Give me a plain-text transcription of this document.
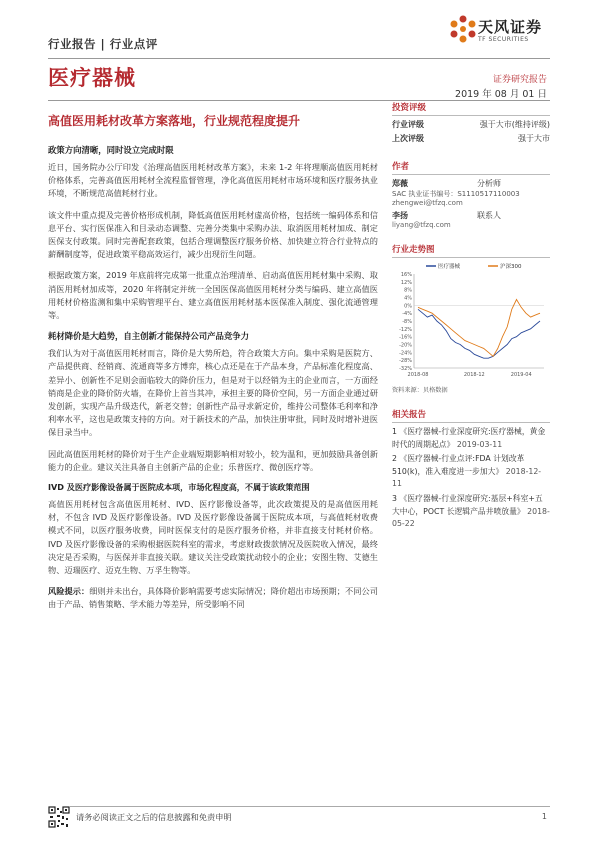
行业报告 | 行业点评
天风证券
TF SECURITIES
医疗器械	证券研究报告
2019 年 08 月 01 日
高值医用耗材改革方案落地，行业规范程度提升
政策方向清晰，同时设立完成时限
近日，国务院办公厅印发《治理高值医用耗材改革方案》，未来 1-2 年将理顺高值医用耗材价格体系，完善高值医用耗材全流程监督管理，净化高值医用耗材市场环境和医疗服务执业环境，不断规范高值耗材行业。
该文件中重点提及完善价格形成机制，降低高值医用耗材虚高价格，包括统一编码体系和信息平台、实行医保准入和目录动态调整、完善分类集中采购办法、取消医用耗材加成、制定医保支付政策。同时完善配套政策，包括合理调整医疗服务价格、加快建立符合行业特点的薪酬制度等，促进政策平稳高效运行，减少出现衍生问题。
根据政策方案，2019 年底前将完成第一批重点治理清单、启动高值医用耗材集中采购、取消医用耗材加成等，2020 年将制定并统一全国医保高值医用耗材分类与编码、建立高值医用耗材价格监测和集中采购管理平台、建立高值医用耗材基本医保准入制度、强化流通管理等。
耗材降价是大趋势，自主创新才能保持公司产品竞争力
我们认为对于高值医用耗材而言，降价是大势所趋，符合政策大方向。集中采购是医院方、产品提供商、经销商、流通商等多方博弈，核心点还是在于产品本身，产品标准化程度高、差异小、创新性不足则会面临较大的降价压力，但是对于以经销为主的企业而言，一方面经销商是企业的降价防火墙，在降价上首当其冲，承担主要的降价空间，另一方面企业通过研发创新，实现产品升级迭代，新老交替；创新性产品寻求新定价，维持公司整体毛利率和净利率水平，这也是政策支持的方向。对于新技术的产品，加快注册审批，同时及时增补进医保目录当中。
因此高值医用耗材的降价对于生产企业端短期影响相对较小，较为温和，更加鼓励具备创新能力的企业。建议关注具备自主创新产品的企业；乐普医疗、微创医疗等。
IVD 及医疗影像设备属于医院成本项，市场化程度高，不属于该政策范围
高值医用耗材包含高值医用耗材、IVD、医疗影像设备等，此次政策提及的是高值医用耗材，不包含 IVD 及医疗影像设备。IVD 及医疗影像设备属于医院成本项，与高值耗材收费模式不同，以医疗服务收费，同时医保支付的是医疗服务价格，并非直接支付耗材价格。IVD 及医疗影像设备的采购根据医院科室的需求，考虑财政拨款情况及医院收入情况，最终决定是否采购，与医保并非直接关联。建议关注受政策扰动较小的企业；安图生物、艾德生物、迈瑞医疗、迈克生物、万孚生物等。
风险提示：细则并未出台，具体降价影响需要考虑实际情况；降价超出市场预期；不同公司由于产品、销售策略、学术能力等差异，所受影响不同
投资评级
行业评级	强于大市(维持评级)
上次评级	强于大市
作者
郑薇	分析师
SAC 执业证书编号：S1110517110003
zhengwei@tfzq.com
李扬	联系人
liyang@tfzq.com
行业走势图
16%
12%
8%
4%
0%
-4%
-8%
-12%
-16%
-20%
-24%
-28%
-32%
2018-08	2018-12	2019-04
医疗器械	沪深300
资料来源：贝格数据
相关报告
1 《医疗器械-行业深度研究:医疗器械，黄金时代的周期起点》 2019-03-11
2 《医疗器械-行业点评:FDA 计划改革 510(k)，准入难度进一步加大》 2018-12-11
3 《医疗器械-行业深度研究:基层+科室+五大中心，POCT 长逻辑产品井喷放量》 2018-05-22
请务必阅读正文之后的信息披露和免责申明	1
